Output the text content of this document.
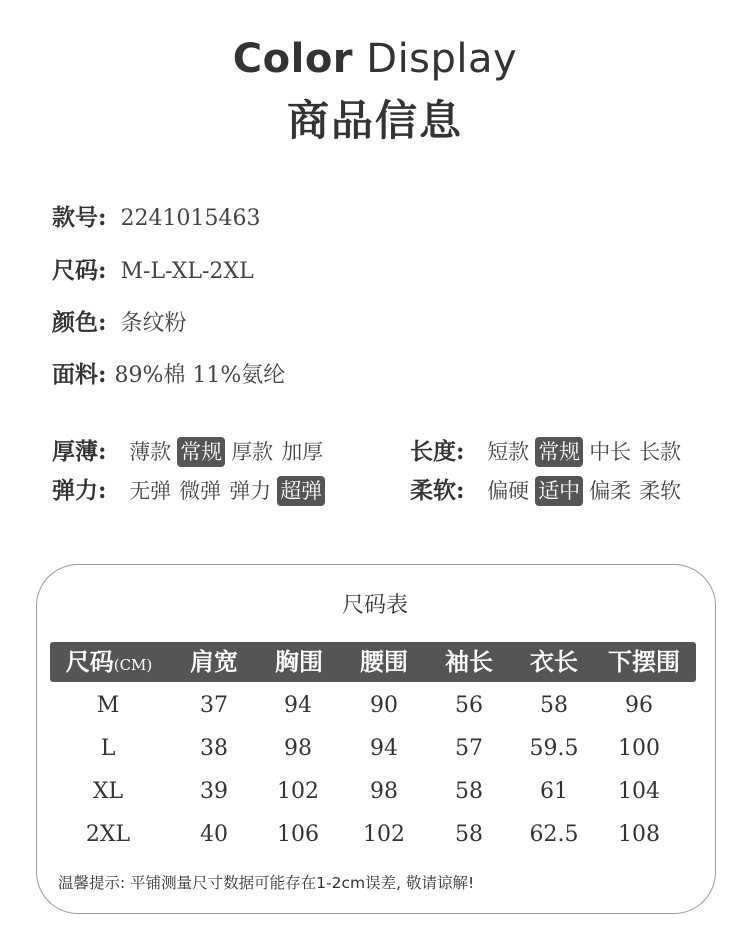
Color Display
商品信息
款号: 2241015463
尺码: M-L-XL-2XL
颜色: 条纹粉
面料: 89%棉 11%氨纶
厚薄: 薄款 常规 厚款 加厚	长度: 短款 常规 中长 长款
弹力: 无弹 微弹 弹力 超弹	柔软: 偏硬 适中 偏柔 柔软
尺码表
尺码(CM)	肩宽	胸围	腰围	袖长	衣长	下摆围
M	37	94	90	56	58	96
L	38	98	94	57	59.5	100
XL	39	102	98	58	61	104
2XL	40	106	102	58	62.5	108
温馨提示: 平铺测量尺寸数据可能存在1-2cm误差, 敬请谅解!
